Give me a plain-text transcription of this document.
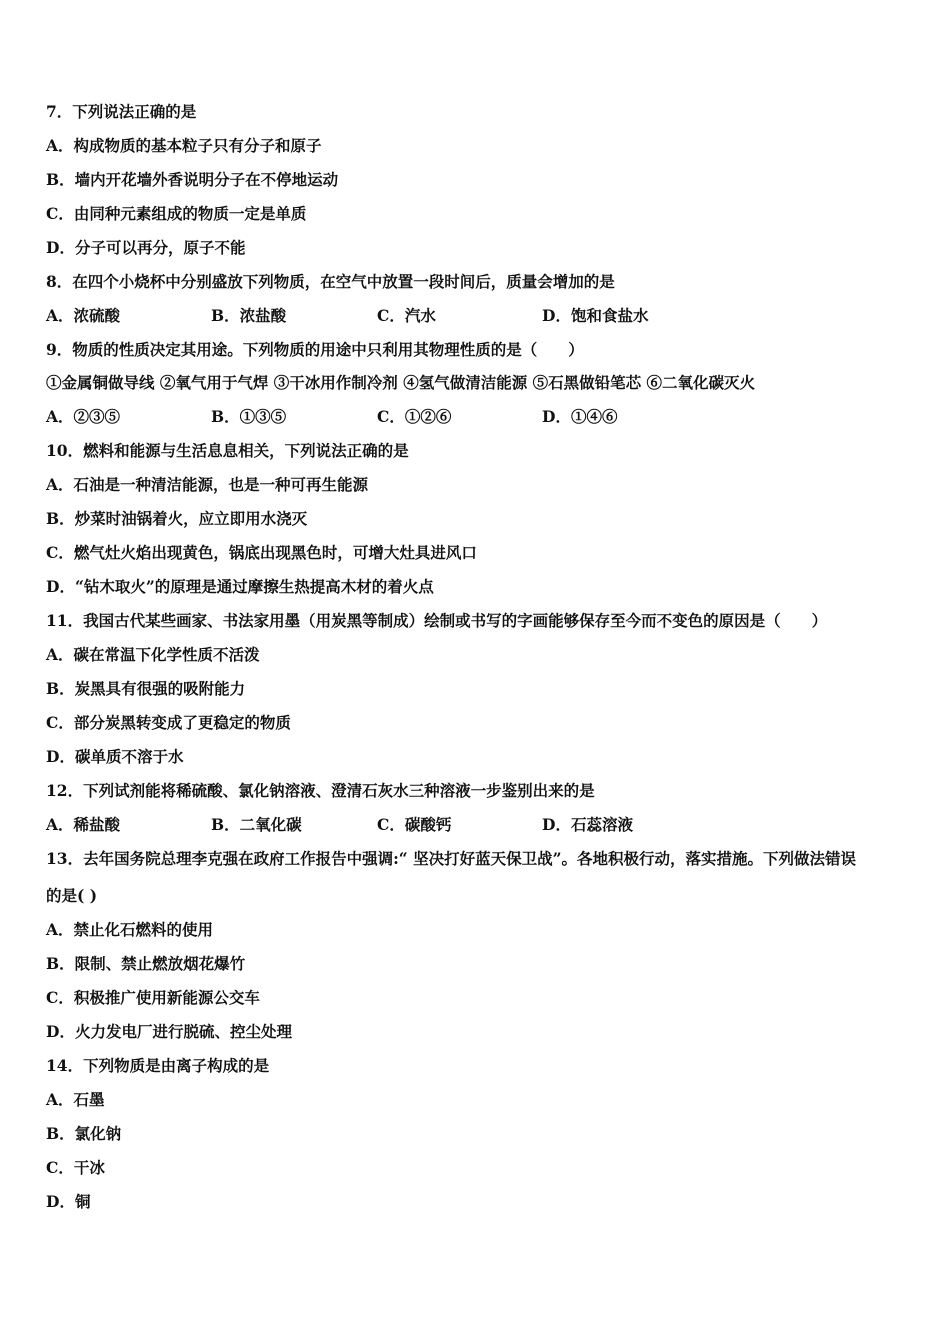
7．下列说法正确的是
A．构成物质的基本粒子只有分子和原子
B．墙内开花墙外香说明分子在不停地运动
C．由同种元素组成的物质一定是单质
D．分子可以再分，原子不能
8．在四个小烧杯中分别盛放下列物质，在空气中放置一段时间后，质量会增加的是
A．浓硫酸	B．浓盐酸	C．汽水	D．饱和食盐水
9．物质的性质决定其用途。下列物质的用途中只利用其物理性质的是（　　）
①金属铜做导线 ②氧气用于气焊 ③干冰用作制冷剂 ④氢气做清洁能源 ⑤石黑做铅笔芯 ⑥二氧化碳灭火
A．②③⑤	B．①③⑤	C．①②⑥	D．①④⑥
10．燃料和能源与生活息息相关，下列说法正确的是
A．石油是一种清洁能源，也是一种可再生能源
B．炒菜时油锅着火，应立即用水浇灭
C．燃气灶火焰出现黄色，锅底出现黑色时，可增大灶具进风口
D．“钻木取火”的原理是通过摩擦生热提高木材的着火点
11．我国古代某些画家、书法家用墨（用炭黑等制成）绘制或书写的字画能够保存至今而不变色的原因是（　　）
A．碳在常温下化学性质不活泼
B．炭黑具有很强的吸附能力
C．部分炭黑转变成了更稳定的物质
D．碳单质不溶于水
12．下列试剂能将稀硫酸、氯化钠溶液、澄清石灰水三种溶液一步鉴别出来的是
A．稀盐酸	B．二氧化碳	C．碳酸钙	D．石蕊溶液
13．去年国务院总理李克强在政府工作报告中强调:“ 坚决打好蓝天保卫战”。各地积极行动，落实措施。下列做法错误
的是( )
A．禁止化石燃料的使用
B．限制、禁止燃放烟花爆竹
C．积极推广使用新能源公交车
D．火力发电厂进行脱硫、控尘处理
14．下列物质是由离子构成的是
A．石墨
B．氯化钠
C．干冰
D．铜
